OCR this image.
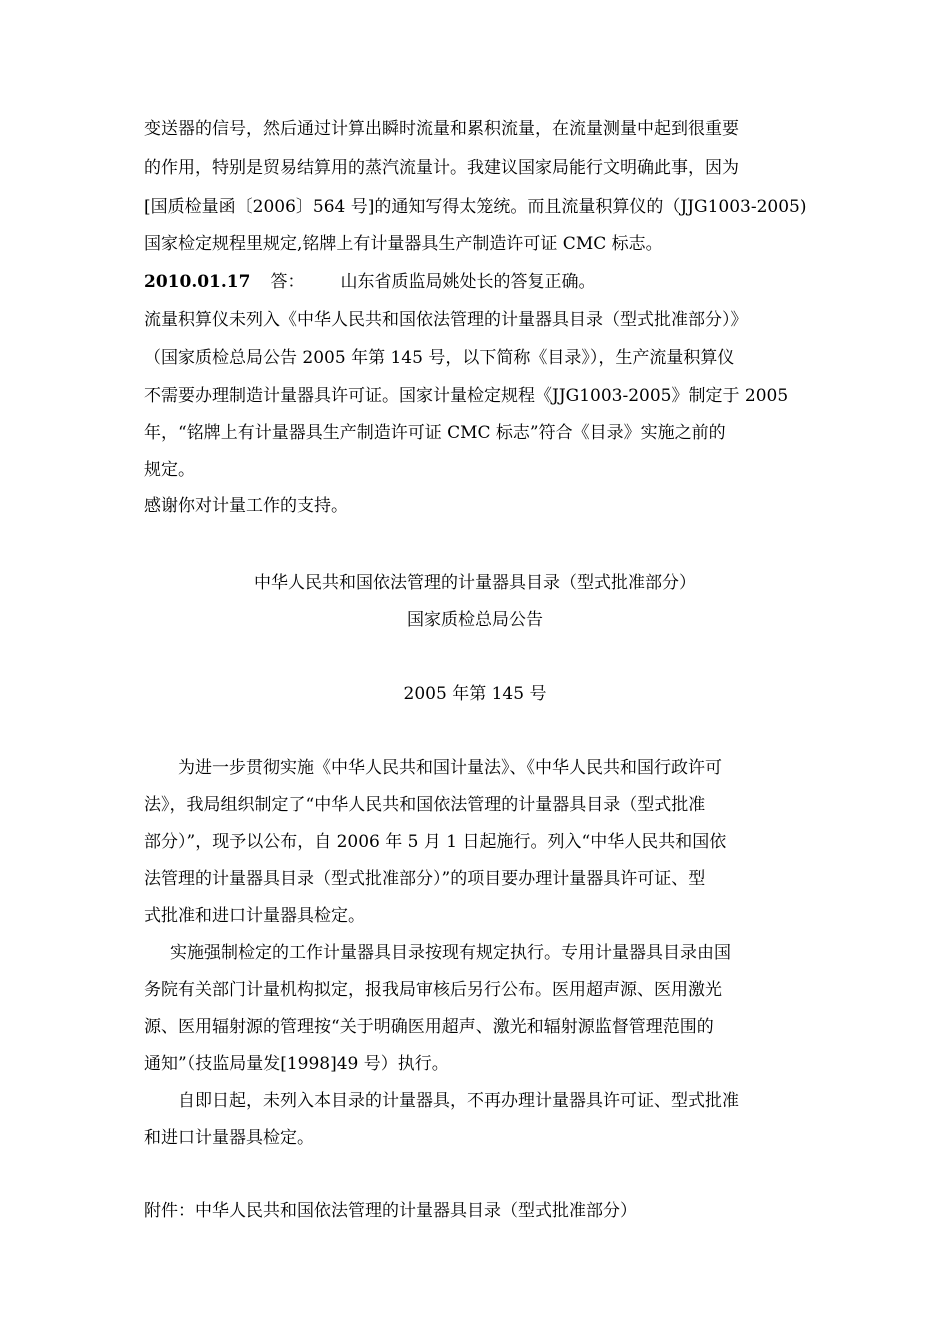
变送器的信号，然后通过计算出瞬时流量和累积流量，在流量测量中起到很重要
的作用，特别是贸易结算用的蒸汽流量计。我建议国家局能行文明确此事，因为
[国质检量函〔2006〕564 号]的通知写得太笼统。而且流量积算仪的（JJG1003-2005)
国家检定规程里规定,铭牌上有计量器具生产制造许可证 CMC 标志。
2010.01.17 答： 山东省质监局姚处长的答复正确。
流量积算仪未列入《中华人民共和国依法管理的计量器具目录（型式批准部分）》
（国家质检总局公告 2005 年第 145 号，以下简称《目录》），生产流量积算仪
不需要办理制造计量器具许可证。国家计量检定规程《JJG1003-2005》制定于 2005
年，“铭牌上有计量器具生产制造许可证 CMC 标志”符合《目录》实施之前的
规定。
感谢你对计量工作的支持。
中华人民共和国依法管理的计量器具目录（型式批准部分）
国家质检总局公告
2005 年第 145 号
为进一步贯彻实施《中华人民共和国计量法》、《中华人民共和国行政许可
法》，我局组织制定了“中华人民共和国依法管理的计量器具目录（型式批准
部分）”，现予以公布，自 2006 年 5 月 1 日起施行。列入“中华人民共和国依
法管理的计量器具目录（型式批准部分）”的项目要办理计量器具许可证、型
式批准和进口计量器具检定。
实施强制检定的工作计量器具目录按现有规定执行。专用计量器具目录由国
务院有关部门计量机构拟定，报我局审核后另行公布。医用超声源、医用激光
源、医用辐射源的管理按“关于明确医用超声、激光和辐射源监督管理范围的
通知”（技监局量发[1998]49 号）执行。
自即日起，未列入本目录的计量器具，不再办理计量器具许可证、型式批准
和进口计量器具检定。
附件：中华人民共和国依法管理的计量器具目录（型式批准部分）
